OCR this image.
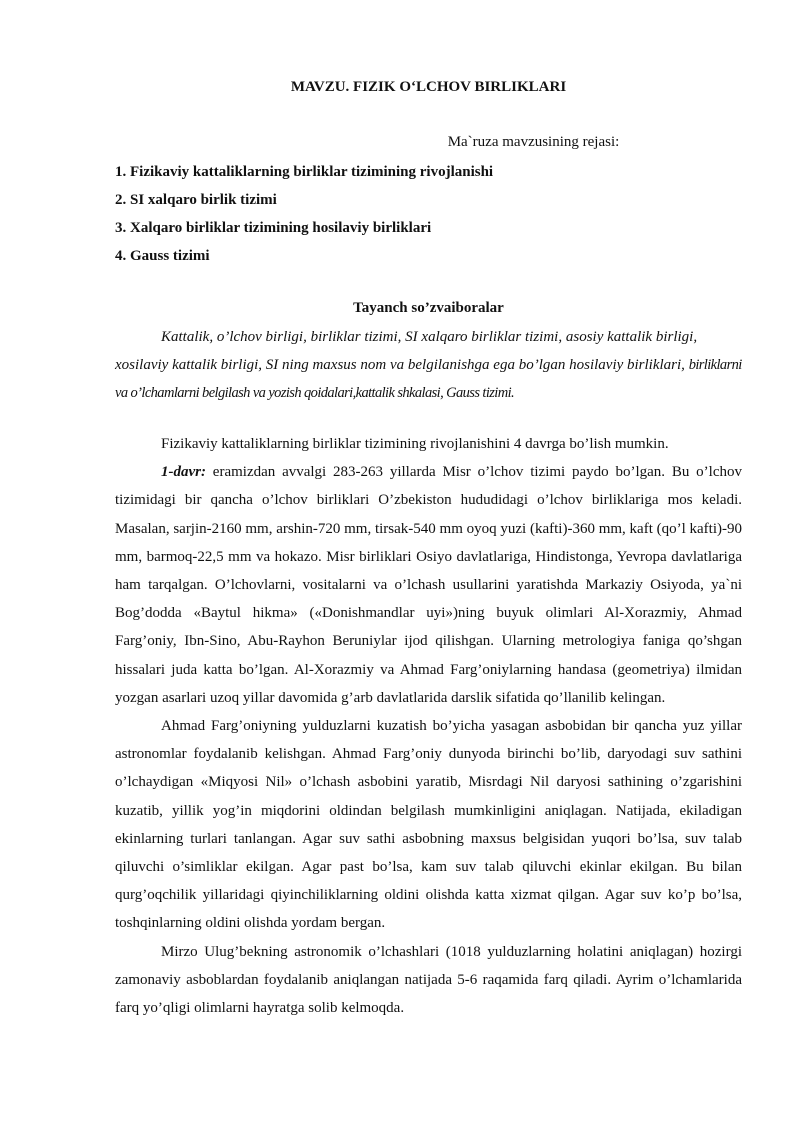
MAVZU. FIZIK O‘LCHOV BIRLIKLARI
Ma`ruza mavzusining rejasi:
1. Fizikaviy kattaliklarning birliklar tizimining rivojlanishi
2. SI xalqaro birlik tizimi
3. Xalqaro birliklar tizimining hosilaviy birliklari
4. Gauss tizimi
Tayanch so’zvaiboralar
Kattalik, o’lchov birligi, birliklar tizimi, SI xalqaro birliklar tizimi, asosiy kattalik birligi, xosilaviy kattalik birligi, SI ning maxsus nom va belgilanishga ega bo’lgan hosilaviy birliklari, birliklarni va o’lchamlarni belgilash va yozish qoidalari,kattalik shkalasi, Gauss tizimi.

Fizikaviy kattaliklarning birliklar tizimining rivojlanishini 4 davrga bo’lish mumkin.

1-davr: eramizdan avvalgi 283-263 yillarda Misr o’lchov tizimi paydo bo’lgan. Bu o’lchov tizimidagi bir qancha o’lchov birliklari O’zbekiston hududidagi o’lchov birliklariga mos keladi. Masalan, sarjin-2160 mm, arshin-720 mm, tirsak-540 mm oyoq yuzi (kafti)-360 mm, kaft (qo’l kafti)-90 mm, barmoq-22,5 mm va hokazo. Misr birliklari Osiyo davlatlariga, Hindistonga, Yevropa davlatlariga ham tarqalgan. O’lchovlarni, vositalarni va o’lchash usullarini yaratishda Markaziy Osiyoda, ya`ni Bog’dodda «Baytul hikma» («Donishmandlar uyi»)ning buyuk olimlari Al-Xorazmiy, Ahmad Farg’oniy, Ibn-Sino, Abu-Rayhon Beruniylar ijod qilishgan. Ularning metrologiya faniga qo’shgan hissalari juda katta bo’lgan. Al-Xorazmiy va Ahmad Farg’oniylarning handasa (geometriya) ilmidan yozgan asarlari uzoq yillar davomida g’arb davlatlarida darslik sifatida qo’llanilib kelingan.

Ahmad Farg’oniyning yulduzlarni kuzatish bo’yicha yasagan asbobidan bir qancha yuz yillar astronomlar foydalanib kelishgan. Ahmad Farg’oniy dunyoda birinchi bo’lib, daryodagi suv sathini o’lchaydigan «Miqyosi Nil» o’lchash asbobini yaratib, Misrdagi Nil daryosi sathining o’zgarishini kuzatib, yillik yog’in miqdorini oldindan belgilash mumkinligini aniqlagan. Natijada, ekiladigan ekinlarning turlari tanlangan. Agar suv sathi asbobning maxsus belgisidan yuqori bo’lsa, suv talab qiluvchi o’simliklar ekilgan. Agar past bo’lsa, kam suv talab qiluvchi ekinlar ekilgan. Bu bilan qurg’oqchilik yillaridagi qiyinchiliklarning oldini olishda katta xizmat qilgan. Agar suv ko’p bo’lsa, toshqinlarning oldini olishda yordam bergan.

Mirzo Ulug’bekning astronomik o’lchashlari (1018 yulduzlarning holatini aniqlagan) hozirgi zamonaviy asboblardan foydalanib aniqlangan natijada 5-6 raqamida farq qiladi. Ayrim o’lchamlarida farq yo’qligi olimlarni hayratga solib kelmoqda.
